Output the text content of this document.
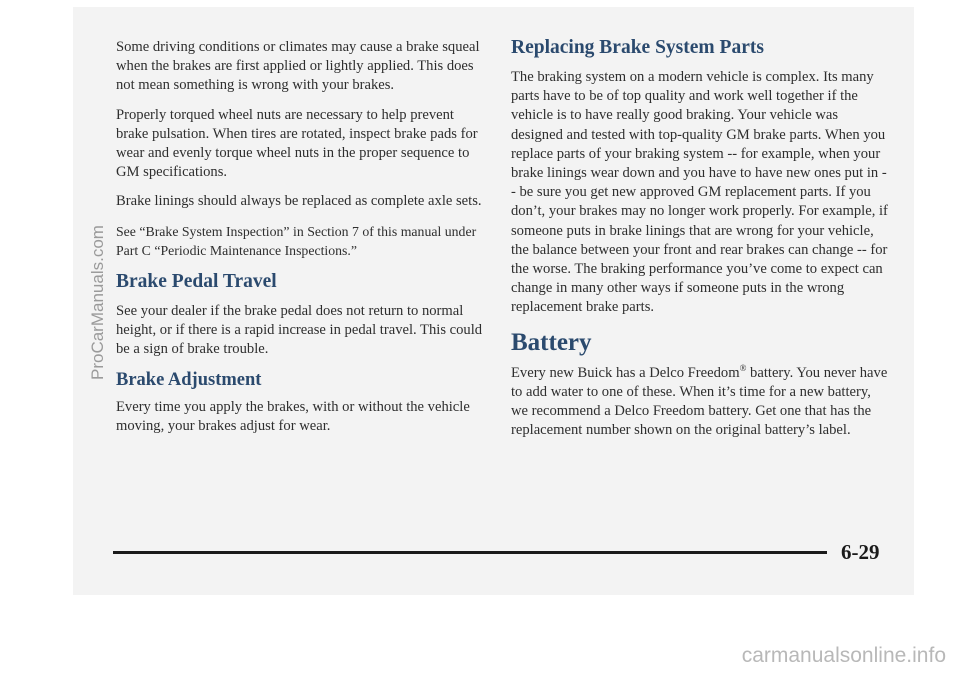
Some driving conditions or climates may cause a brake squeal when the brakes are first applied or lightly applied. This does not mean something is wrong with your brakes.

Properly torqued wheel nuts are necessary to help prevent brake pulsation. When tires are rotated, inspect brake pads for wear and evenly torque wheel nuts in the proper sequence to GM specifications.

Brake linings should always be replaced as complete axle sets.

See “Brake System Inspection” in Section 7 of this manual under Part C “Periodic Maintenance Inspections.”

Brake Pedal Travel

See your dealer if the brake pedal does not return to normal height, or if there is a rapid increase in pedal travel. This could be a sign of brake trouble.

Brake Adjustment

Every time you apply the brakes, with or without the vehicle moving, your brakes adjust for wear.

Replacing Brake System Parts

The braking system on a modern vehicle is complex. Its many parts have to be of top quality and work well together if the vehicle is to have really good braking. Your vehicle was designed and tested with top-quality GM brake parts. When you replace parts of your braking system -- for example, when your brake linings wear down and you have to have new ones put in -- be sure you get new approved GM replacement parts. If you don’t, your brakes may no longer work properly. For example, if someone puts in brake linings that are wrong for your vehicle, the balance between your front and rear brakes can change -- for the worse. The braking performance you’ve come to expect can change in many other ways if someone puts in the wrong replacement brake parts.

Battery

Every new Buick has a Delco Freedom® battery. You never have to add water to one of these. When it’s time for a new battery, we recommend a Delco Freedom battery. Get one that has the replacement number shown on the original battery’s label.

6-29
ProCarManuals.com
carmanualsonline.info
